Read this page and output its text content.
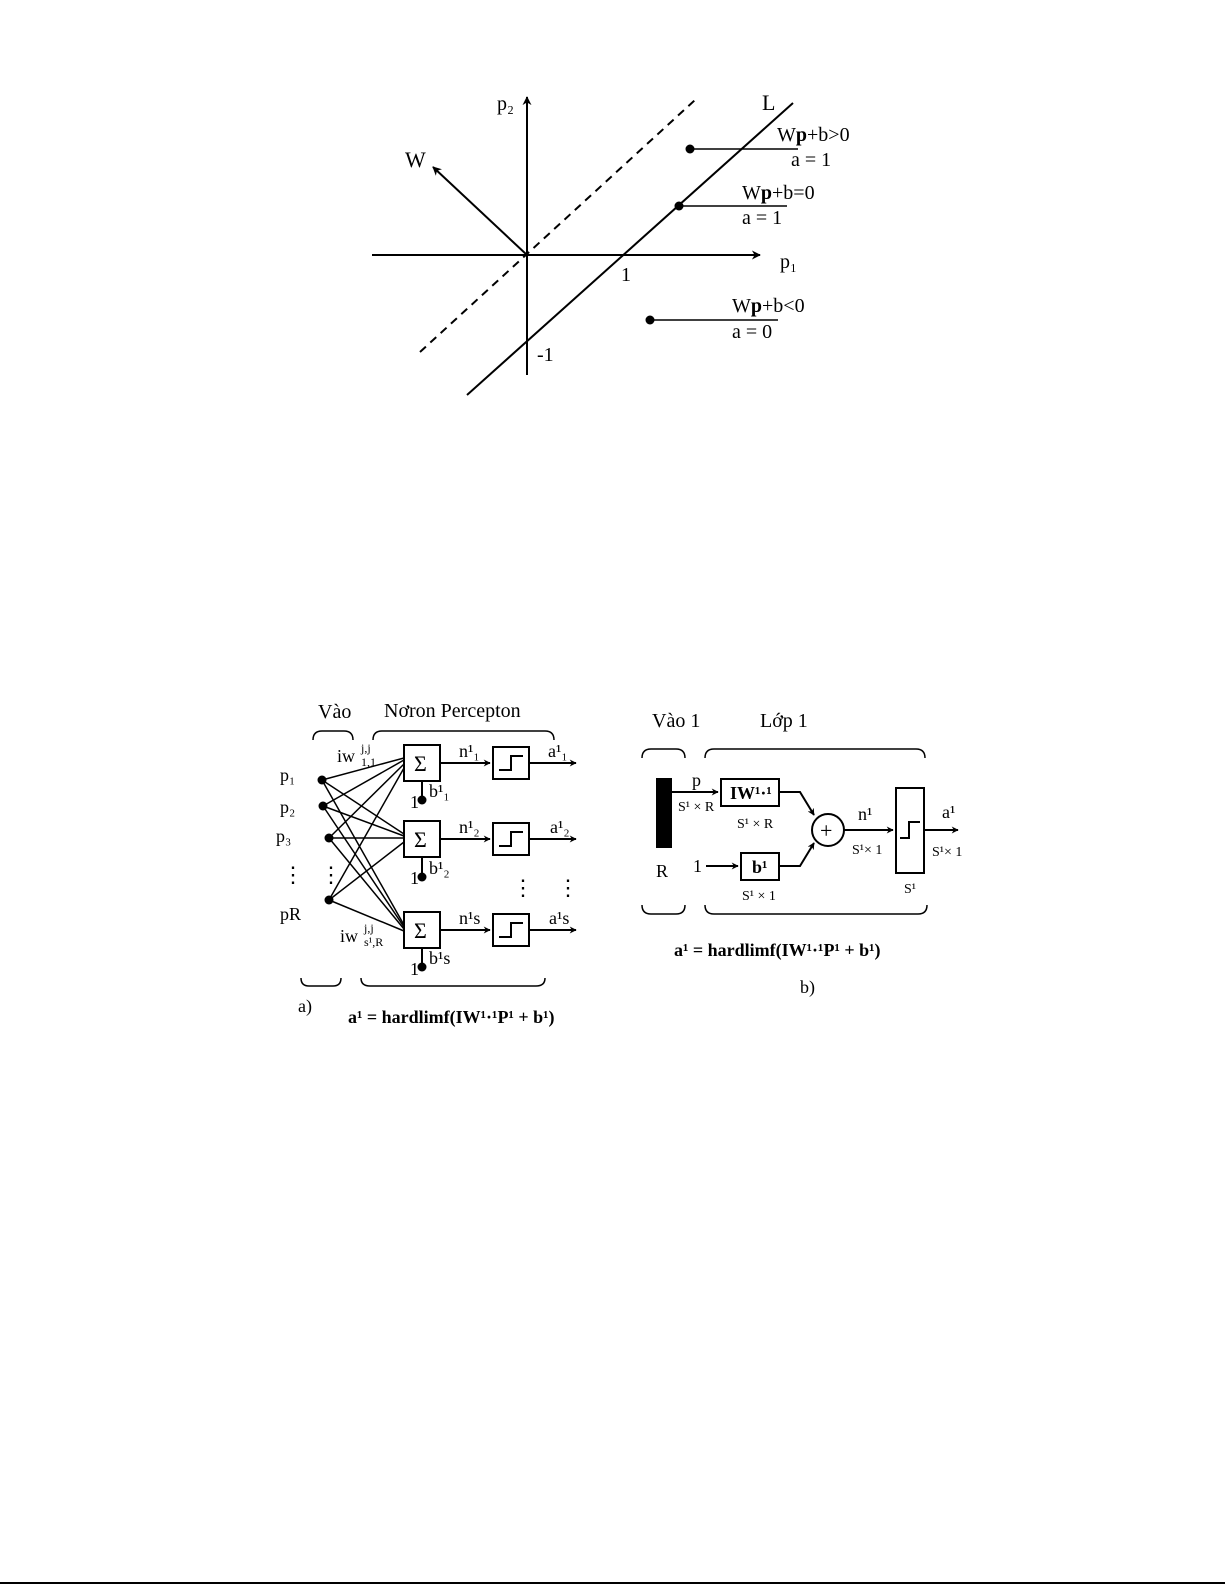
p₂
p₁
W
L
1
-1
Wp+b>0
a = 1
Wp+b=0
a = 1
Wp+b<0
a = 0
Vào Nơron Percepton
p₁
p₂
p₃
⋮ ⋮
pR
iw j,j
1,1
iw j,j
s¹,R
Σ n¹₁	a¹₁
1
b¹₁
Σ n¹₂	a¹₂
1 b¹₂
⋮ ⋮
Σ n¹s	a¹s
1
b¹s
a)
a¹ = hardlimf(IW¹·¹P¹ + b¹)
Vào 1	Lớp 1
R
p
S¹ × R
IW¹·¹
S¹ × R
1	b¹
S¹ × 1
+
n¹
S¹× 1
S¹
a¹
S¹× 1
a¹ = hardlimf(IW¹·¹P¹ + b¹)
b)
